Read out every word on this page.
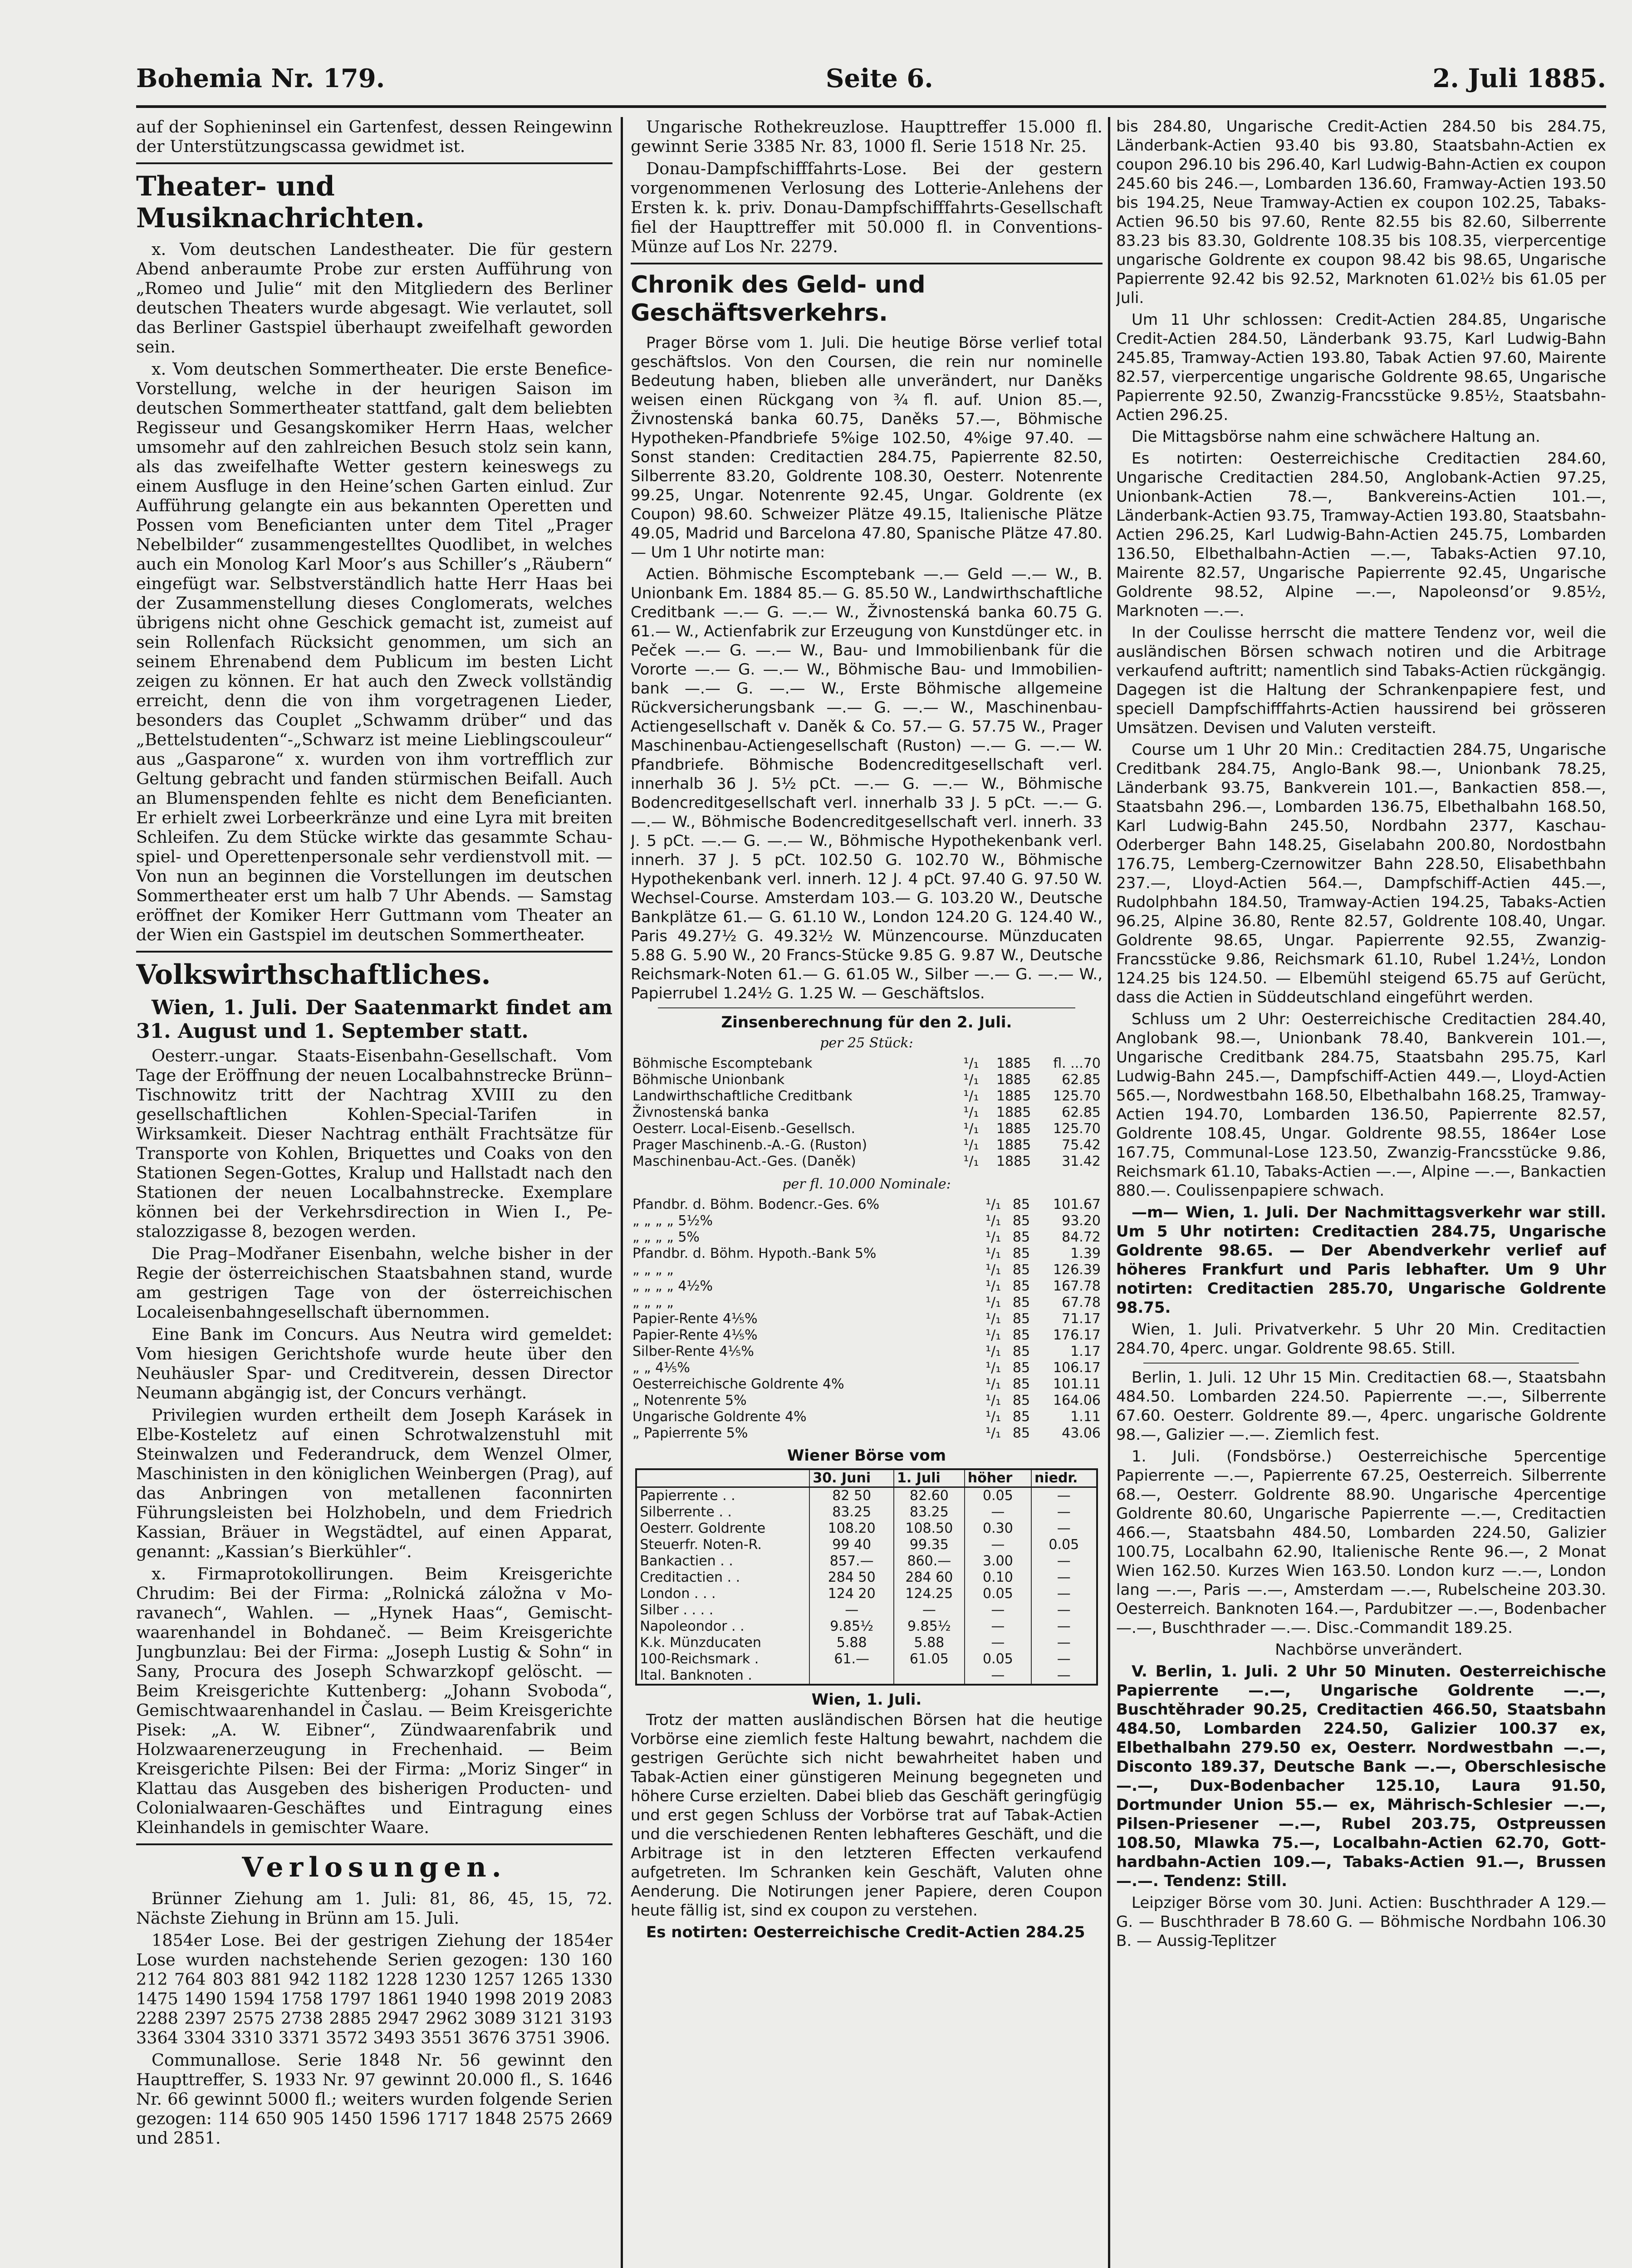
Bohemia Nr. 179.	Seite 6.	2. Juli 1885.

auf der Sophieninsel ein Gartenfest, dessen Reingewinn der Unterstützungscassa gewidmet ist.

Theater- und Musiknachrichten.

x. Vom deutschen Landestheater. Die für gestern Abend anberaumte Probe zur ersten Aufführung von „Romeo und Julie“ mit den Mitgliedern des Berliner deutschen Theaters wurde abgesagt. Wie verlautet, soll das Berliner Gastspiel überhaupt zweifelhaft geworden sein.

x. Vom deutschen Sommertheater. Die erste Benefice-Vorstellung, welche in der heurigen Saison im deutschen Sommertheater stattfand, galt dem beliebten Regisseur und Gesangskomiker Herrn Haas, welcher umsomehr auf den zahlreichen Besuch stolz sein kann, als das zweifelhafte Wetter gestern keineswegs zu einem Ausfluge in den Heine’schen Garten einlud. Zur Aufführung gelangte ein aus bekannten Operetten und Possen vom Beneficianten unter dem Titel „Prager Nebelbilder“ zusammengestelltes Quodlibet, in welches auch ein Monolog Karl Moor’s aus Schiller’s „Räubern“ eingefügt war. Selbstverständlich hatte Herr Haas bei der Zusammenstellung dieses Conglomerats, welches übrigens nicht ohne Geschick gemacht ist, zumeist auf sein Rollenfach Rücksicht genommen, um sich an seinem Ehrenabend dem Publicum im besten Licht zeigen zu können. Er hat auch den Zweck vollständig erreicht, denn die von ihm vorgetragenen Lieder, besonders das Couplet „Schwamm drüber“ und das „Bettelstudenten“-„Schwarz ist meine Lieblingscouleur“ aus „Gasparone“ x. wurden von ihm vortrefflich zur Geltung gebracht und fanden stürmischen Beifall. Auch an Blumenspenden fehlte es nicht dem Beneficianten. Er erhielt zwei Lorbeerkränze und eine Lyra mit breiten Schleifen. Zu dem Stücke wirkte das gesammte Schauspiel- und Operettenpersonale sehr verdienstvoll mit. — Von nun an beginnen die Vorstellungen im deutschen Sommertheater erst um halb 7 Uhr Abends. — Samstag eröffnet der Komiker Herr Guttmann vom Theater an der Wien ein Gastspiel im deutschen Sommertheater.

Volkswirthschaftliches.

Wien, 1. Juli. Der Saatenmarkt findet am 31. August und 1. September statt.

Oesterr.-ungar. Staats-Eisenbahn-Gesellschaft. Vom Tage der Eröffnung der neuen Localbahnstrecke Brünn–Tischnowitz tritt der Nachtrag XVIII zu den gesellschaftlichen Kohlen-Special-Tarifen in Wirksamkeit. Dieser Nachtrag enthält Frachtsätze für Transporte von Kohlen, Briquettes und Coaks von den Stationen Segen-Gottes, Kralup und Hallstadt nach den Stationen der neuen Localbahnstrecke. Exemplare können bei der Verkehrsdirection in Wien I., Pestalozzigasse 8, bezogen werden.

Die Prag–Modřaner Eisenbahn, welche bisher in der Regie der österreichischen Staatsbahnen stand, wurde am gestrigen Tage von der österreichischen Localeisenbahngesellschaft übernommen.

Eine Bank im Concurs. Aus Neutra wird gemeldet: Vom hiesigen Gerichtshofe wurde heute über den Neuhäusler Spar- und Creditverein, dessen Director Neumann abgängig ist, der Concurs verhängt.

Privilegien wurden ertheilt dem Joseph Karásek in Elbe-Kosteletz auf einen Schrotwalzenstuhl mit Steinwalzen und Federandruck, dem Wenzel Olmer, Maschinisten in den königlichen Weinbergen (Prag), auf das Anbringen von metallenen faconnirten Führungsleisten bei Holzhobeln, und dem Friedrich Kassian, Bräuer in Wegstädtel, auf einen Apparat, genannt: „Kassian’s Bierkühler“.

x. Firmaprotokollirungen. Beim Kreisgerichte Chrudim: Bei der Firma: „Rolnická záložna v Moravanech“, Wahlen. — „Hynek Haas“, Gemischtwaarenhandel in Bohdaneč. — Beim Kreisgerichte Jungbunzlau: Bei der Firma: „Joseph Lustig & Sohn“ in Sany, Procura des Joseph Schwarzkopf gelöscht. — Beim Kreisgerichte Kuttenberg: „Johann Svoboda“, Gemischtwaarenhandel in Časlau. — Beim Kreisgerichte Pisek: „A. W. Eibner“, Zündwaarenfabrik und Holzwaarenerzeugung in Frechenhaid. — Beim Kreisgerichte Pilsen: Bei der Firma: „Moriz Singer“ in Klattau das Ausgeben des bisherigen Producten- und Colonialwaaren-Geschäftes und Eintragung eines Kleinhandels in gemischter Waare.

Verlosungen.

Brünner Ziehung am 1. Juli: 81, 86, 45, 15, 72. Nächste Ziehung in Brünn am 15. Juli.

1854er Lose. Bei der gestrigen Ziehung der 1854er Lose wurden nachstehende Serien gezogen: 130 160 212 764 803 881 942 1182 1228 1230 1257 1265 1330 1475 1490 1594 1758 1797 1861 1940 1998 2019 2083 2288 2397 2575 2738 2885 2947 2962 3089 3121 3193 3364 3304 3310 3371 3572 3493 3551 3676 3751 3906.

Communallose. Serie 1848 Nr. 56 gewinnt den Haupttreffer, S. 1933 Nr. 97 gewinnt 20.000 fl., S. 1646 Nr. 66 gewinnt 5000 fl.; weiters wurden folgende Serien gezogen: 114 650 905 1450 1596 1717 1848 2575 2669 und 2851.

Ungarische Rothekreuzlose. Haupttreffer 15.000 fl. gewinnt Serie 3385 Nr. 83, 1000 fl. Serie 1518 Nr. 25.

Donau-Dampfschifffahrts-Lose. Bei der gestern vorgenommenen Verlosung des Lotterie-Anlehens der Ersten k. k. priv. Donau-Dampfschifffahrts-Gesellschaft fiel der Haupttreffer mit 50.000 fl. in Conventions-Münze auf Los Nr. 2279.

Chronik des Geld- und Geschäftsverkehrs.

Prager Börse vom 1. Juli. Die heutige Börse verlief total geschäftslos. Von den Coursen, die rein nur nominelle Bedeutung haben, blieben alle unverändert, nur Daněks weisen einen Rückgang von ¾ fl. auf. Union 85.—, Živnostenská banka 60.75, Daněks 57.—, Böhmische Hypotheken-Pfandbriefe 5%ige 102.50, 4%ige 97.40. — Sonst standen: Creditactien 284.75, Papierrente 82.50, Silberrente 83.20, Goldrente 108.30, Oesterr. Notenrente 99.25, Ungar. Notenrente 92.45, Ungar. Goldrente (ex Coupon) 98.60. Schweizer Plätze 49.15, Italienische Plätze 49.05, Madrid und Barcelona 47.80, Spanische Plätze 47.80. — Um 1 Uhr notirte man:

Actien. Böhmische Escomptebank —.— Geld —.— W., B. Unionbank Em. 1884 85.— G. 85.50 W., Landwirthschaftliche Creditbank —.— G. —.— W., Živnostenská banka 60.75 G. 61.— W., Actienfabrik zur Erzeugung von Kunstdünger etc. in Peček —.— G. —.— W., Bau- und Immobilienbank für die Vororte —.— G. —.— W., Böhmische Bau- und Immobilienbank —.— G. —.— W., Erste Böhmische allgemeine Rückversicherungsbank —.— G. —.— W., Maschinenbau-Actiengesellschaft v. Daněk & Co. 57.— G. 57.75 W., Prager Maschinenbau-Actiengesellschaft (Ruston) —.— G. —.— W. Pfandbriefe. Böhmische Bodencreditgesellschaft verl. innerhalb 36 J. 5½ pCt. —.— G. —.— W., Böhmische Bodencreditgesellschaft verl. innerhalb 33 J. 5 pCt. —.— G. —.— W., Böhmische Bodencreditgesellschaft verl. innerh. 33 J. 5 pCt. —.— G. —.— W., Böhmische Hypothekenbank verl. innerh. 37 J. 5 pCt. 102.50 G. 102.70 W., Böhmische Hypothekenbank verl. innerh. 12 J. 4 pCt. 97.40 G. 97.50 W. Wechsel-Course. Amsterdam 103.— G. 103.20 W., Deutsche Bankplätze 61.— G. 61.10 W., London 124.20 G. 124.40 W., Paris 49.27½ G. 49.32½ W. Münzencourse. Münzducaten 5.88 G. 5.90 W., 20 Francs-Stücke 9.85 G. 9.87 W., Deutsche Reichsmark-Noten 61.— G. 61.05 W., Silber —.— G. —.— W., Papierrubel 1.24½ G. 1.25 W. — Geschäftslos.

Zinsenberechnung für den 2. Juli.
per 25 Stück:
Böhmische Escomptebank	¹/₁	1885	fl. ...70
Böhmische Unionbank	¹/₁	1885	62.85
Landwirthschaftliche Creditbank	¹/₁	1885	125.70
Živnostenská banka	¹/₁	1885	62.85
Oesterr. Local-Eisenb.-Gesellsch.	¹/₁	1885	125.70
Prager Maschinenb.-A.-G. (Ruston)	¹/₁	1885	75.42
Maschinenbau-Act.-Ges. (Daněk)	¹/₁	1885	31.42
per fl. 10.000 Nominale:
Pfandbr. d. Böhm. Bodencr.-Ges. 6%	¹/₁	85	101.67
„ „ „ „ 5½%	¹/₁	85	93.20
„ „ „ „ 5%	¹/₁	85	84.72
Pfandbr. d. Böhm. Hypoth.-Bank 5%	¹/₁	85	1.39
„ „ „ „	¹/₁	85	126.39
„ „ „ „ 4½%	¹/₁	85	167.78
„ „ „ „	¹/₁	85	67.78
Papier-Rente 4⅕%	¹/₁	85	71.17
Papier-Rente 4⅕%	¹/₁	85	176.17
Silber-Rente 4⅕%	¹/₁	85	1.17
„ „ 4⅕%	¹/₁	85	106.17
Oesterreichische Goldrente 4%	¹/₁	85	101.11
„ Notenrente 5%	¹/₁	85	164.06
Ungarische Goldrente 4%	¹/₁	85	1.11
„ Papierrente 5%	¹/₁	85	43.06
Wiener Börse vom
	30. Juni	1. Juli	höher	niedr.
Papierrente . .	82 50	82.60	0.05	—
Silberrente . .	83.25	83.25	—	—
Oesterr. Goldrente	108.20	108.50	0.30	—
Steuerfr. Noten-R.	99 40	99.35	—	0.05
Bankactien . .	857.—	860.—	3.00	—
Creditactien . .	284 50	284 60	0.10	—
London . . .	124 20	124.25	0.05	—
Silber . . . .	—	—	—	—
Napoleondor . .	9.85½	9.85½	—	—
K.k. Münzducaten	5.88	5.88	—	—
100-Reichsmark .	61.—	61.05	0.05	—
Ital. Banknoten .			—	—
Wien, 1. Juli.

Trotz der matten ausländischen Börsen hat die heutige Vorbörse eine ziemlich feste Haltung bewahrt, nachdem die gestrigen Gerüchte sich nicht bewahrheitet haben und Tabak-Actien einer günstigeren Meinung begegneten und höhere Curse erzielten. Dabei blieb das Geschäft geringfügig und erst gegen Schluss der Vorbörse trat auf Tabak-Actien und die verschiedenen Renten lebhafteres Geschäft, und die Arbitrage ist in den letzteren Effecten verkaufend aufgetreten. Im Schranken kein Geschäft, Valuten ohne Aenderung. Die Notirungen jener Papiere, deren Coupon heute fällig ist, sind ex coupon zu verstehen.

Es notirten: Oesterreichische Credit-Actien 284.25

bis 284.80, Ungarische Credit-Actien 284.50 bis 284.75, Länderbank-Actien 93.40 bis 93.80, Staatsbahn-Actien ex coupon 296.10 bis 296.40, Karl Ludwig-Bahn-Actien ex coupon 245.60 bis 246.—, Lombarden 136.60, Framway-Actien 193.50 bis 194.25, Neue Tramway-Actien ex coupon 102.25, Tabaks-Actien 96.50 bis 97.60, Rente 82.55 bis 82.60, Silberrente 83.23 bis 83.30, Goldrente 108.35 bis 108.35, vierpercentige ungarische Goldrente ex coupon 98.42 bis 98.65, Ungarische Papierrente 92.42 bis 92.52, Marknoten 61.02½ bis 61.05 per Juli.

Um 11 Uhr schlossen: Credit-Actien 284.85, Ungarische Credit-Actien 284.50, Länderbank 93.75, Karl Ludwig-Bahn 245.85, Tramway-Actien 193.80, Tabak Actien 97.60, Mairente 82.57, vierpercentige ungarische Goldrente 98.65, Ungarische Papierrente 92.50, Zwanzig-Francsstücke 9.85½, Staatsbahn-Actien 296.25.

Die Mittagsbörse nahm eine schwächere Haltung an.

Es notirten: Oesterreichische Creditactien 284.60, Ungarische Creditactien 284.50, Anglobank-Actien 97.25, Unionbank-Actien 78.—, Bankvereins-Actien 101.—, Länderbank-Actien 93.75, Tramway-Actien 193.80, Staatsbahn-Actien 296.25, Karl Ludwig-Bahn-Actien 245.75, Lombarden 136.50, Elbethalbahn-Actien —.—, Tabaks-Actien 97.10, Mairente 82.57, Ungarische Papierrente 92.45, Ungarische Goldrente 98.52, Alpine —.—, Napoleonsd’or 9.85½, Marknoten —.—.

In der Coulisse herrscht die mattere Tendenz vor, weil die ausländischen Börsen schwach notiren und die Arbitrage verkaufend auftritt; namentlich sind Tabaks-Actien rückgängig. Dagegen ist die Haltung der Schrankenpapiere fest, und speciell Dampfschifffahrts-Actien haussirend bei grösseren Umsätzen. Devisen und Valuten versteift.

Course um 1 Uhr 20 Min.: Creditactien 284.75, Ungarische Creditbank 284.75, Anglo-Bank 98.—, Unionbank 78.25, Länderbank 93.75, Bankverein 101.—, Bankactien 858.—, Staatsbahn 296.—, Lombarden 136.75, Elbethalbahn 168.50, Karl Ludwig-Bahn 245.50, Nordbahn 2377, Kaschau-Oderberger Bahn 148.25, Giselabahn 200.80, Nordostbahn 176.75, Lemberg-Czernowitzer Bahn 228.50, Elisabethbahn 237.—, Lloyd-Actien 564.—, Dampfschiff-Actien 445.—, Rudolphbahn 184.50, Tramway-Actien 194.25, Tabaks-Actien 96.25, Alpine 36.80, Rente 82.57, Goldrente 108.40, Ungar. Goldrente 98.65, Ungar. Papierrente 92.55, Zwanzig-Francsstücke 9.86, Reichsmark 61.10, Rubel 1.24½, London 124.25 bis 124.50. — Elbemühl steigend 65.75 auf Gerücht, dass die Actien in Süddeutschland eingeführt werden.

Schluss um 2 Uhr: Oesterreichische Creditactien 284.40, Anglobank 98.—, Unionbank 78.40, Bankverein 101.—, Ungarische Creditbank 284.75, Staatsbahn 295.75, Karl Ludwig-Bahn 245.—, Dampfschiff-Actien 449.—, Lloyd-Actien 565.—, Nordwestbahn 168.50, Elbethalbahn 168.25, Tramway-Actien 194.70, Lombarden 136.50, Papierrente 82.57, Goldrente 108.45, Ungar. Goldrente 98.55, 1864er Lose 167.75, Communal-Lose 123.50, Zwanzig-Francsstücke 9.86, Reichsmark 61.10, Tabaks-Actien —.—, Alpine —.—, Bankactien 880.—. Coulissenpapiere schwach.

—m— Wien, 1. Juli. Der Nachmittagsverkehr war still. Um 5 Uhr notirten: Creditactien 284.75, Ungarische Goldrente 98.65. — Der Abendverkehr verlief auf höheres Frankfurt und Paris lebhafter. Um 9 Uhr notirten: Creditactien 285.70, Ungarische Goldrente 98.75.

Wien, 1. Juli. Privatverkehr. 5 Uhr 20 Min. Creditactien 284.70, 4perc. ungar. Goldrente 98.65. Still.

Berlin, 1. Juli. 12 Uhr 15 Min. Creditactien 68.—, Staatsbahn 484.50. Lombarden 224.50. Papierrente —.—, Silberrente 67.60. Oesterr. Goldrente 89.—, 4perc. ungarische Goldrente 98.—, Galizier —.—. Ziemlich fest.

1. Juli. (Fondsbörse.) Oesterreichische 5percentige Papierrente —.—, Papierrente 67.25, Oesterreich. Silberrente 68.—, Oesterr. Goldrente 88.90. Ungarische 4percentige Goldrente 80.60, Ungarische Papierrente —.—, Creditactien 466.—, Staatsbahn 484.50, Lombarden 224.50, Galizier 100.75, Localbahn 62.90, Italienische Rente 96.—, 2 Monat Wien 162.50. Kurzes Wien 163.50. London kurz —.—, London lang —.—, Paris —.—, Amsterdam —.—, Rubelscheine 203.30. Oesterreich. Banknoten 164.—, Pardubitzer —.—, Bodenbacher —.—, Buschthrader —.—. Disc.-Commandit 189.25.

Nachbörse unverändert.

V. Berlin, 1. Juli. 2 Uhr 50 Minuten. Oesterreichische Papierrente —.—, Ungarische Goldrente —.—, Buschtěhrader 90.25, Creditactien 466.50, Staatsbahn 484.50, Lombarden 224.50, Galizier 100.37 ex, Elbethalbahn 279.50 ex, Oesterr. Nordwestbahn —.—, Disconto 189.37, Deutsche Bank —.—, Oberschlesische —.—, Dux-Bodenbacher 125.10, Laura 91.50, Dortmunder Union 55.— ex, Mährisch-Schlesier —.—, Pilsen-Priesener —.—, Rubel 203.75, Ostpreussen 108.50, Mlawka 75.—, Localbahn-Actien 62.70, Gotthardbahn-Actien 109.—, Tabaks-Actien 91.—, Brussen —.—. Tendenz: Still.

Leipziger Börse vom 30. Juni. Actien: Buschthrader A 129.— G. — Buschthrader B 78.60 G. — Böhmische Nordbahn 106.30 B. — Aussig-Teplitzer
